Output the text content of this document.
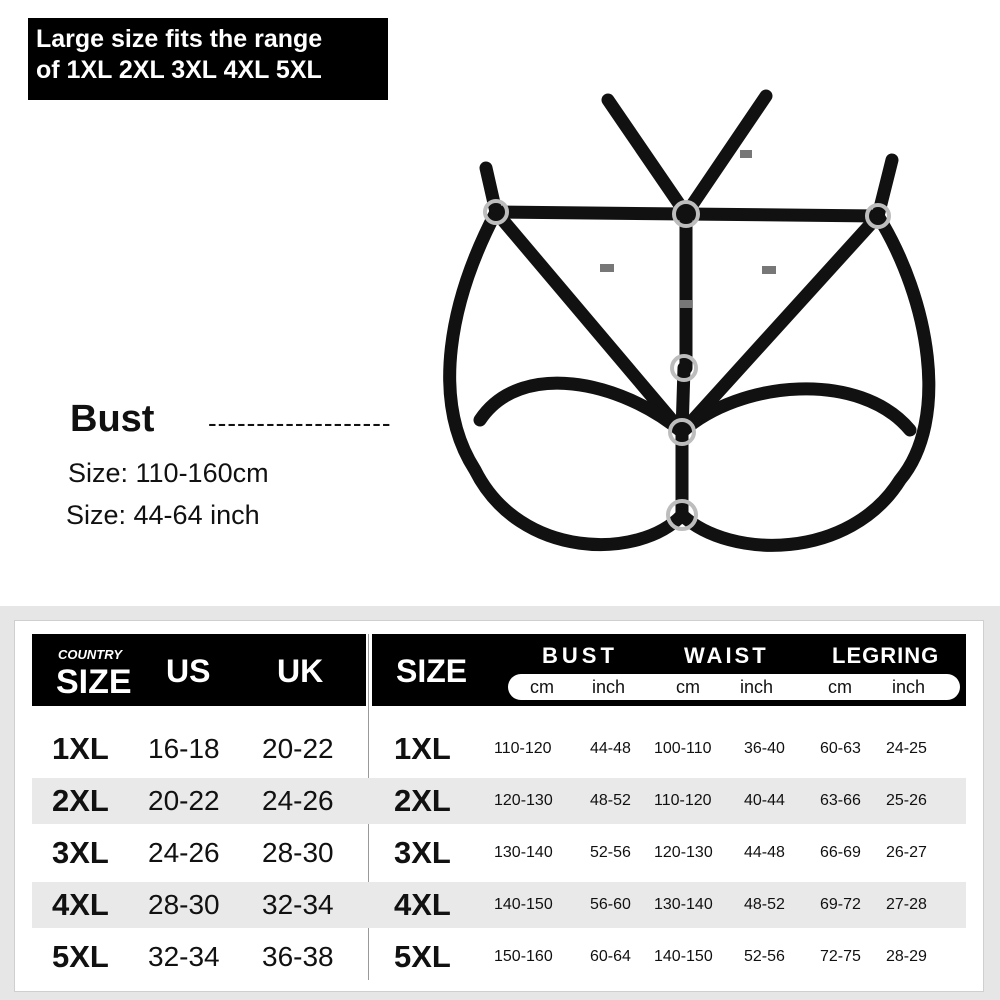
Large size fits the range
of 1XL 2XL 3XL 4XL 5XL
Bust -------------------
Size: 110-160cm
Size: 44-64 inch
COUNTRY
SIZE US UK SIZE	BUST	WAIST	LEGRING
cm inch	cm inch	cm inch
1XL 16-18 20-22 1XL	110-120 44-48 100-110 36-40 60-63 24-25
2XL 20-22 24-26 2XL	120-130 48-52 110-120 40-44 63-66 25-26
3XL 24-26 28-30 3XL	130-140 52-56 120-130 44-48 66-69 26-27
4XL 28-30 32-34 4XL	140-150 56-60 130-140 48-52 69-72 27-28
5XL 32-34 36-38 5XL	150-160 60-64 140-150 52-56 72-75 28-29
